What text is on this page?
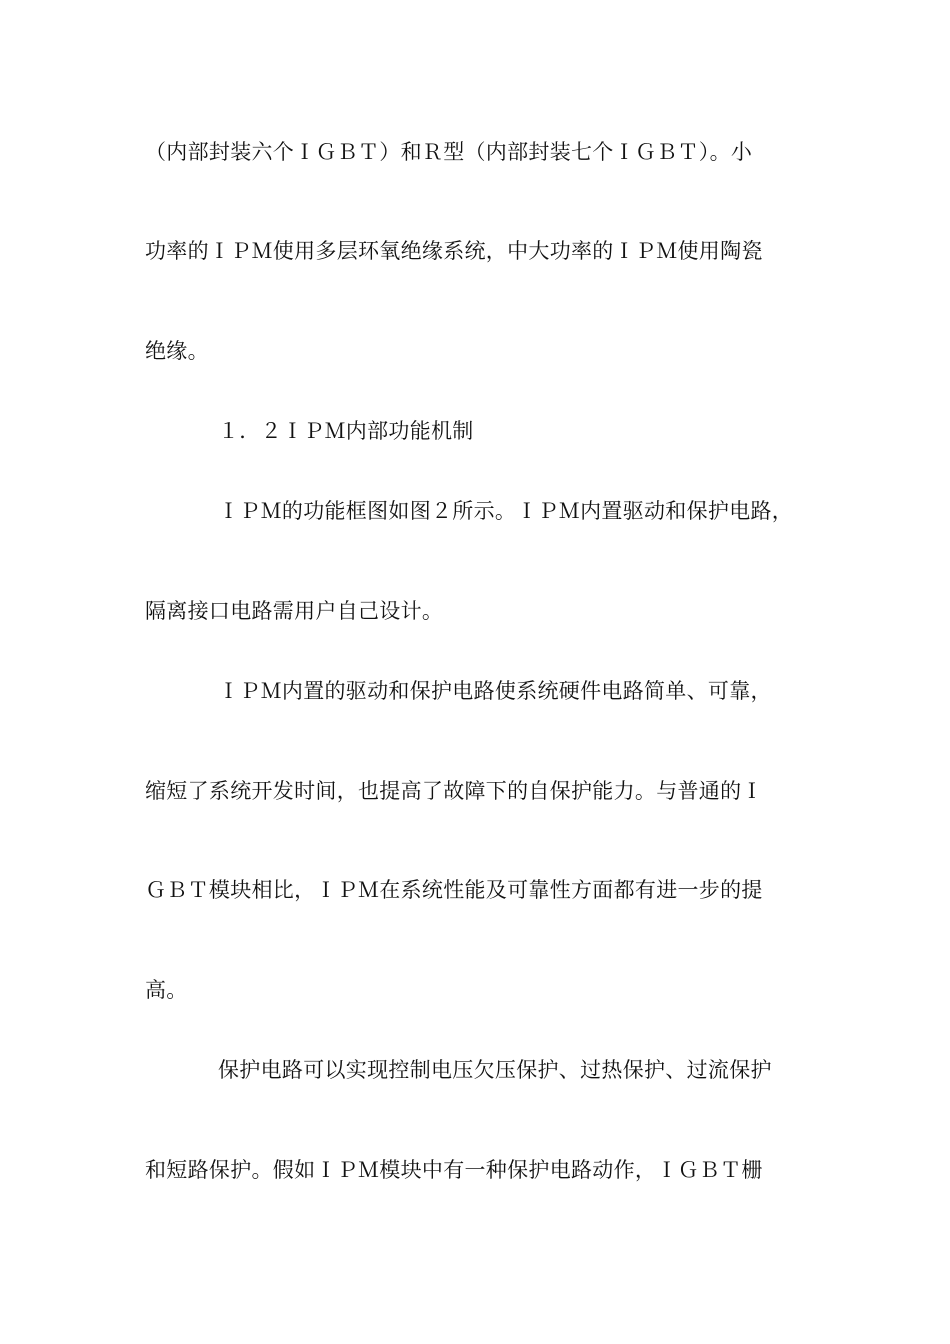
（内部封装六个ＩＧＢＴ）和Ｒ型（内部封装七个ＩＧＢＴ）。小
功率的ＩＰＭ使用多层环氧绝缘系统，中大功率的ＩＰＭ使用陶瓷
绝缘。
１．２ＩＰＭ内部功能机制
ＩＰＭ的功能框图如图２所示。ＩＰＭ内置驱动和保护电路，
隔离接口电路需用户自己设计。
ＩＰＭ内置的驱动和保护电路使系统硬件电路简单、可靠，
缩短了系统开发时间，也提高了故障下的自保护能力。与普通的Ｉ
ＧＢＴ模块相比，ＩＰＭ在系统性能及可靠性方面都有进一步的提
高。
保护电路可以实现控制电压欠压保护、过热保护、过流保护
和短路保护。假如ＩＰＭ模块中有一种保护电路动作，ＩＧＢＴ栅
